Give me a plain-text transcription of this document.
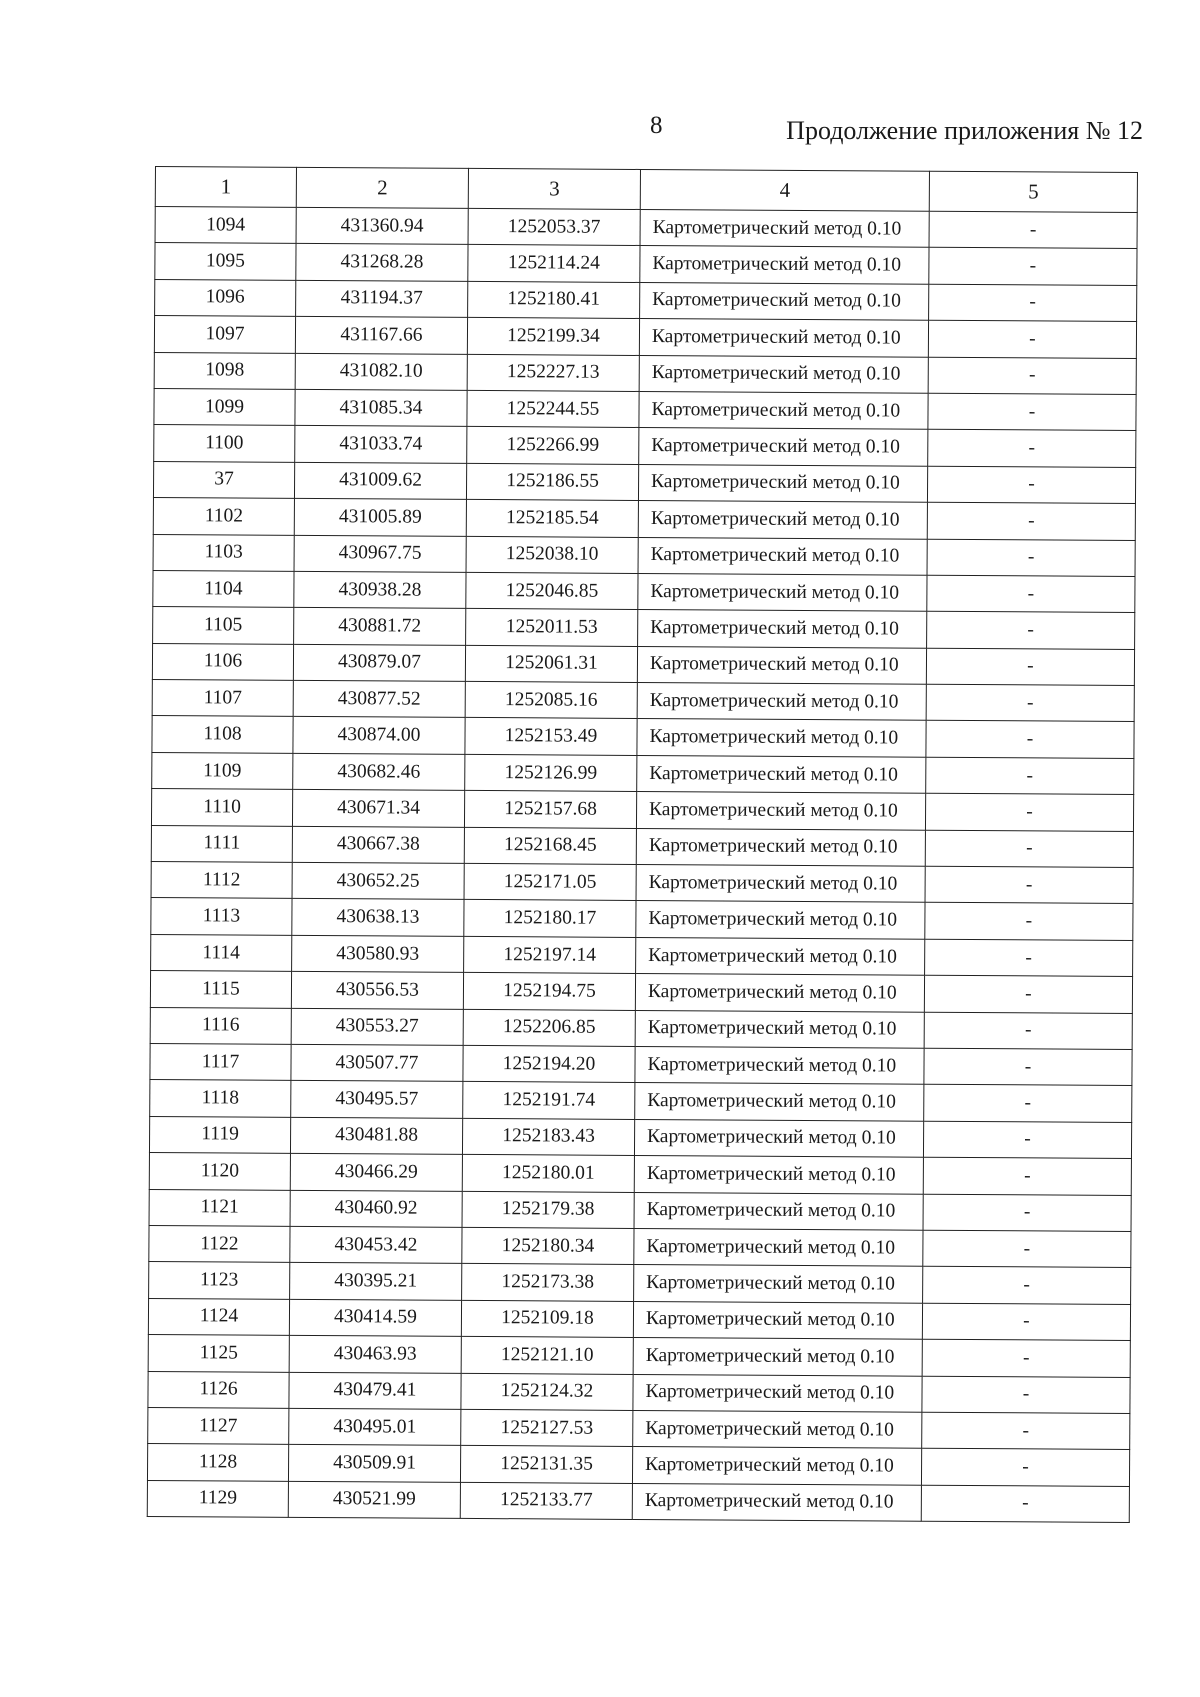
8	Продолжение приложения № 12
1	2	3	4	5
1094	431360.94	1252053.37	Картометрический метод 0.10	-
1095	431268.28	1252114.24	Картометрический метод 0.10	-
1096	431194.37	1252180.41	Картометрический метод 0.10	-
1097	431167.66	1252199.34	Картометрический метод 0.10	-
1098	431082.10	1252227.13	Картометрический метод 0.10	-
1099	431085.34	1252244.55	Картометрический метод 0.10	-
1100	431033.74	1252266.99	Картометрический метод 0.10	-
37	431009.62	1252186.55	Картометрический метод 0.10	-
1102	431005.89	1252185.54	Картометрический метод 0.10	-
1103	430967.75	1252038.10	Картометрический метод 0.10	-
1104	430938.28	1252046.85	Картометрический метод 0.10	-
1105	430881.72	1252011.53	Картометрический метод 0.10	-
1106	430879.07	1252061.31	Картометрический метод 0.10	-
1107	430877.52	1252085.16	Картометрический метод 0.10	-
1108	430874.00	1252153.49	Картометрический метод 0.10	-
1109	430682.46	1252126.99	Картометрический метод 0.10	-
1110	430671.34	1252157.68	Картометрический метод 0.10	-
1111	430667.38	1252168.45	Картометрический метод 0.10	-
1112	430652.25	1252171.05	Картометрический метод 0.10	-
1113	430638.13	1252180.17	Картометрический метод 0.10	-
1114	430580.93	1252197.14	Картометрический метод 0.10	-
1115	430556.53	1252194.75	Картометрический метод 0.10	-
1116	430553.27	1252206.85	Картометрический метод 0.10	-
1117	430507.77	1252194.20	Картометрический метод 0.10	-
1118	430495.57	1252191.74	Картометрический метод 0.10	-
1119	430481.88	1252183.43	Картометрический метод 0.10	-
1120	430466.29	1252180.01	Картометрический метод 0.10	-
1121	430460.92	1252179.38	Картометрический метод 0.10	-
1122	430453.42	1252180.34	Картометрический метод 0.10	-
1123	430395.21	1252173.38	Картометрический метод 0.10	-
1124	430414.59	1252109.18	Картометрический метод 0.10	-
1125	430463.93	1252121.10	Картометрический метод 0.10	-
1126	430479.41	1252124.32	Картометрический метод 0.10	-
1127	430495.01	1252127.53	Картометрический метод 0.10	-
1128	430509.91	1252131.35	Картометрический метод 0.10	-
1129	430521.99	1252133.77	Картометрический метод 0.10	-
